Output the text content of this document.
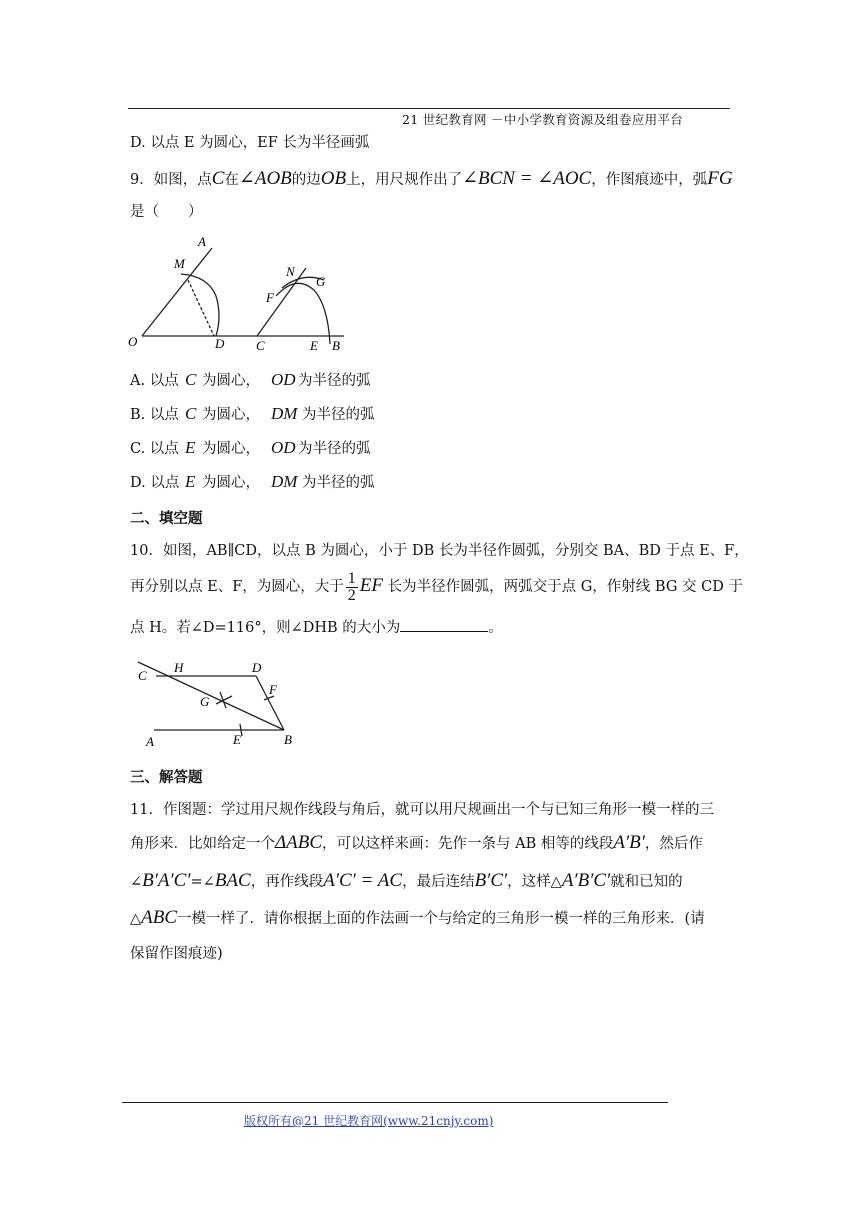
21 世纪教育网 －中小学教育资源及组卷应用平台
D. 以点 E 为圆心，EF 长为半径画弧
9．如图，点C在∠AOB的边OB上，用尺规作出了∠BCN = ∠AOC，作图痕迹中，弧FG
是（　　）
A
M
O	D
N
G
F
C	E B
A. 以点 C 为圆心， OD 为半径的弧
B. 以点 C 为圆心， DM 为半径的弧
C. 以点 E 为圆心， OD 为半径的弧
D. 以点 E 为圆心， DM 为半径的弧
二、填空题
10．如图，AB∥CD，以点 B 为圆心，小于 DB 长为半径作圆弧，分别交 BA、BD 于点 E、F，
再分别以点 E、F，为圆心，大于 $\frac{1}{2}$ EF 长为半径作圆弧，两弧交于点 G，作射线 BG 交 CD 于
点 H。若∠D=116°，则∠DHB 的大小为	。
C
H	D
F
G
A	E	B
三、解答题
11．作图题：学过用尺规作线段与角后，就可以用尺规画出一个与已知三角形一模一样的三
角形来．比如给定一个ΔABC，可以这样来画：先作一条与 AB 相等的线段A′B′，然后作
∠B′A′C′=∠BAC，再作线段A′C′ = AC，最后连结B′C′，这样△A′B′C′就和已知的
△ABC一模一样了．请你根据上面的作法画一个与给定的三角形一模一样的三角形来．(请
保留作图痕迹)
版权所有@21 世纪教育网(www.21cnjy.com)
